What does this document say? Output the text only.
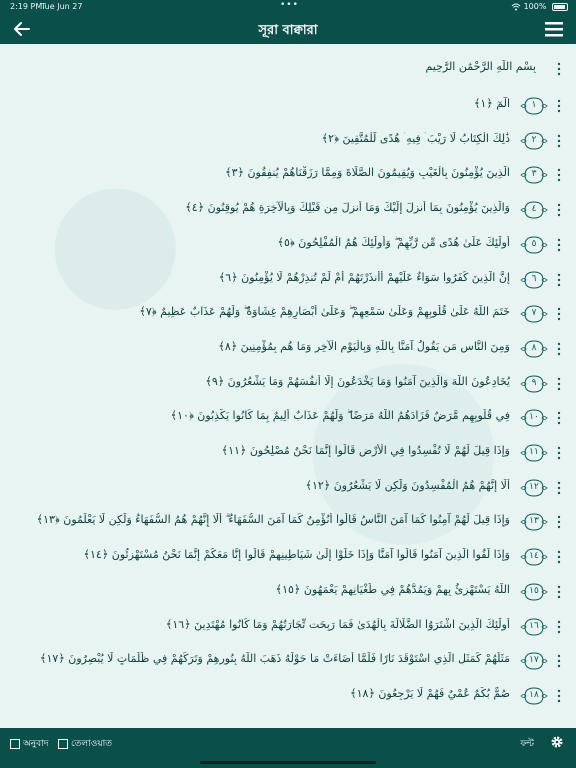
2:19 PM
Tue Jun 27	•••	100%
সূরা বাক্বারা
بِسْمِ اللَّهِ الرَّحْمَٰنِ الرَّحِيمِ
الٓمٓ ﴿١﴾	١
ذَٰلِكَ الْكِتَابُ لَا رَيْبَ ۛ فِيهِ ۛ هُدًى لِّلْمُتَّقِينَ ﴿٢﴾	٢
الَّذِينَ يُؤْمِنُونَ بِالْغَيْبِ وَيُقِيمُونَ الصَّلَاةَ وَمِمَّا رَزَقْنَاهُمْ يُنفِقُونَ ﴿٣﴾	٣
وَالَّذِينَ يُؤْمِنُونَ بِمَا أُنزِلَ إِلَيْكَ وَمَا أُنزِلَ مِن قَبْلِكَ وَبِالْآخِرَةِ هُمْ يُوقِنُونَ ﴿٤﴾	٤
أُولَٰئِكَ عَلَىٰ هُدًى مِّن رَّبِّهِمْ ۖ وَأُولَٰئِكَ هُمُ الْمُفْلِحُونَ ﴿٥﴾	٥
إِنَّ الَّذِينَ كَفَرُوا سَوَاءٌ عَلَيْهِمْ أَأَنذَرْتَهُمْ أَمْ لَمْ تُنذِرْهُمْ لَا يُؤْمِنُونَ ﴿٦﴾	٦
خَتَمَ اللَّهُ عَلَىٰ قُلُوبِهِمْ وَعَلَىٰ سَمْعِهِمْ ۖ وَعَلَىٰ أَبْصَارِهِمْ غِشَاوَةٌ ۖ وَلَهُمْ عَذَابٌ عَظِيمٌ ﴿٧﴾	٧
وَمِنَ النَّاسِ مَن يَقُولُ آمَنَّا بِاللَّهِ وَبِالْيَوْمِ الْآخِرِ وَمَا هُم بِمُؤْمِنِينَ ﴿٨﴾	٨
يُخَادِعُونَ اللَّهَ وَالَّذِينَ آمَنُوا وَمَا يَخْدَعُونَ إِلَّا أَنفُسَهُمْ وَمَا يَشْعُرُونَ ﴿٩﴾	٩
فِي قُلُوبِهِم مَّرَضٌ فَزَادَهُمُ اللَّهُ مَرَضًا ۖ وَلَهُمْ عَذَابٌ أَلِيمٌ بِمَا كَانُوا يَكْذِبُونَ ﴿١٠﴾	١٠
وَإِذَا قِيلَ لَهُمْ لَا تُفْسِدُوا فِي الْأَرْضِ قَالُوا إِنَّمَا نَحْنُ مُصْلِحُونَ ﴿١١﴾	١١
أَلَا إِنَّهُمْ هُمُ الْمُفْسِدُونَ وَلَٰكِن لَّا يَشْعُرُونَ ﴿١٢﴾	١٢
وَإِذَا قِيلَ لَهُمْ آمِنُوا كَمَا آمَنَ النَّاسُ قَالُوا أَنُؤْمِنُ كَمَا آمَنَ السُّفَهَاءُ ۗ أَلَا إِنَّهُمْ هُمُ السُّفَهَاءُ وَلَٰكِن لَّا يَعْلَمُونَ ﴿١٣﴾	١٣
وَإِذَا لَقُوا الَّذِينَ آمَنُوا قَالُوا آمَنَّا وَإِذَا خَلَوْا إِلَىٰ شَيَاطِينِهِمْ قَالُوا إِنَّا مَعَكُمْ إِنَّمَا نَحْنُ مُسْتَهْزِئُونَ ﴿١٤﴾	١٤
اللَّهُ يَسْتَهْزِئُ بِهِمْ وَيَمُدُّهُمْ فِي طُغْيَانِهِمْ يَعْمَهُونَ ﴿١٥﴾	١٥
أُولَٰئِكَ الَّذِينَ اشْتَرَوُا الضَّلَالَةَ بِالْهُدَىٰ فَمَا رَبِحَت تِّجَارَتُهُمْ وَمَا كَانُوا مُهْتَدِينَ ﴿١٦﴾	١٦
مَثَلُهُمْ كَمَثَلِ الَّذِي اسْتَوْقَدَ نَارًا فَلَمَّا أَضَاءَتْ مَا حَوْلَهُ ذَهَبَ اللَّهُ بِنُورِهِمْ وَتَرَكَهُمْ فِي ظُلُمَاتٍ لَّا يُبْصِرُونَ ﴿١٧﴾	١٧
صُمٌّ بُكْمٌ عُمْيٌ فَهُمْ لَا يَرْجِعُونَ ﴿١٨﴾	١٨
অনুবাদ	তেলাওয়াত	ফন্ট
